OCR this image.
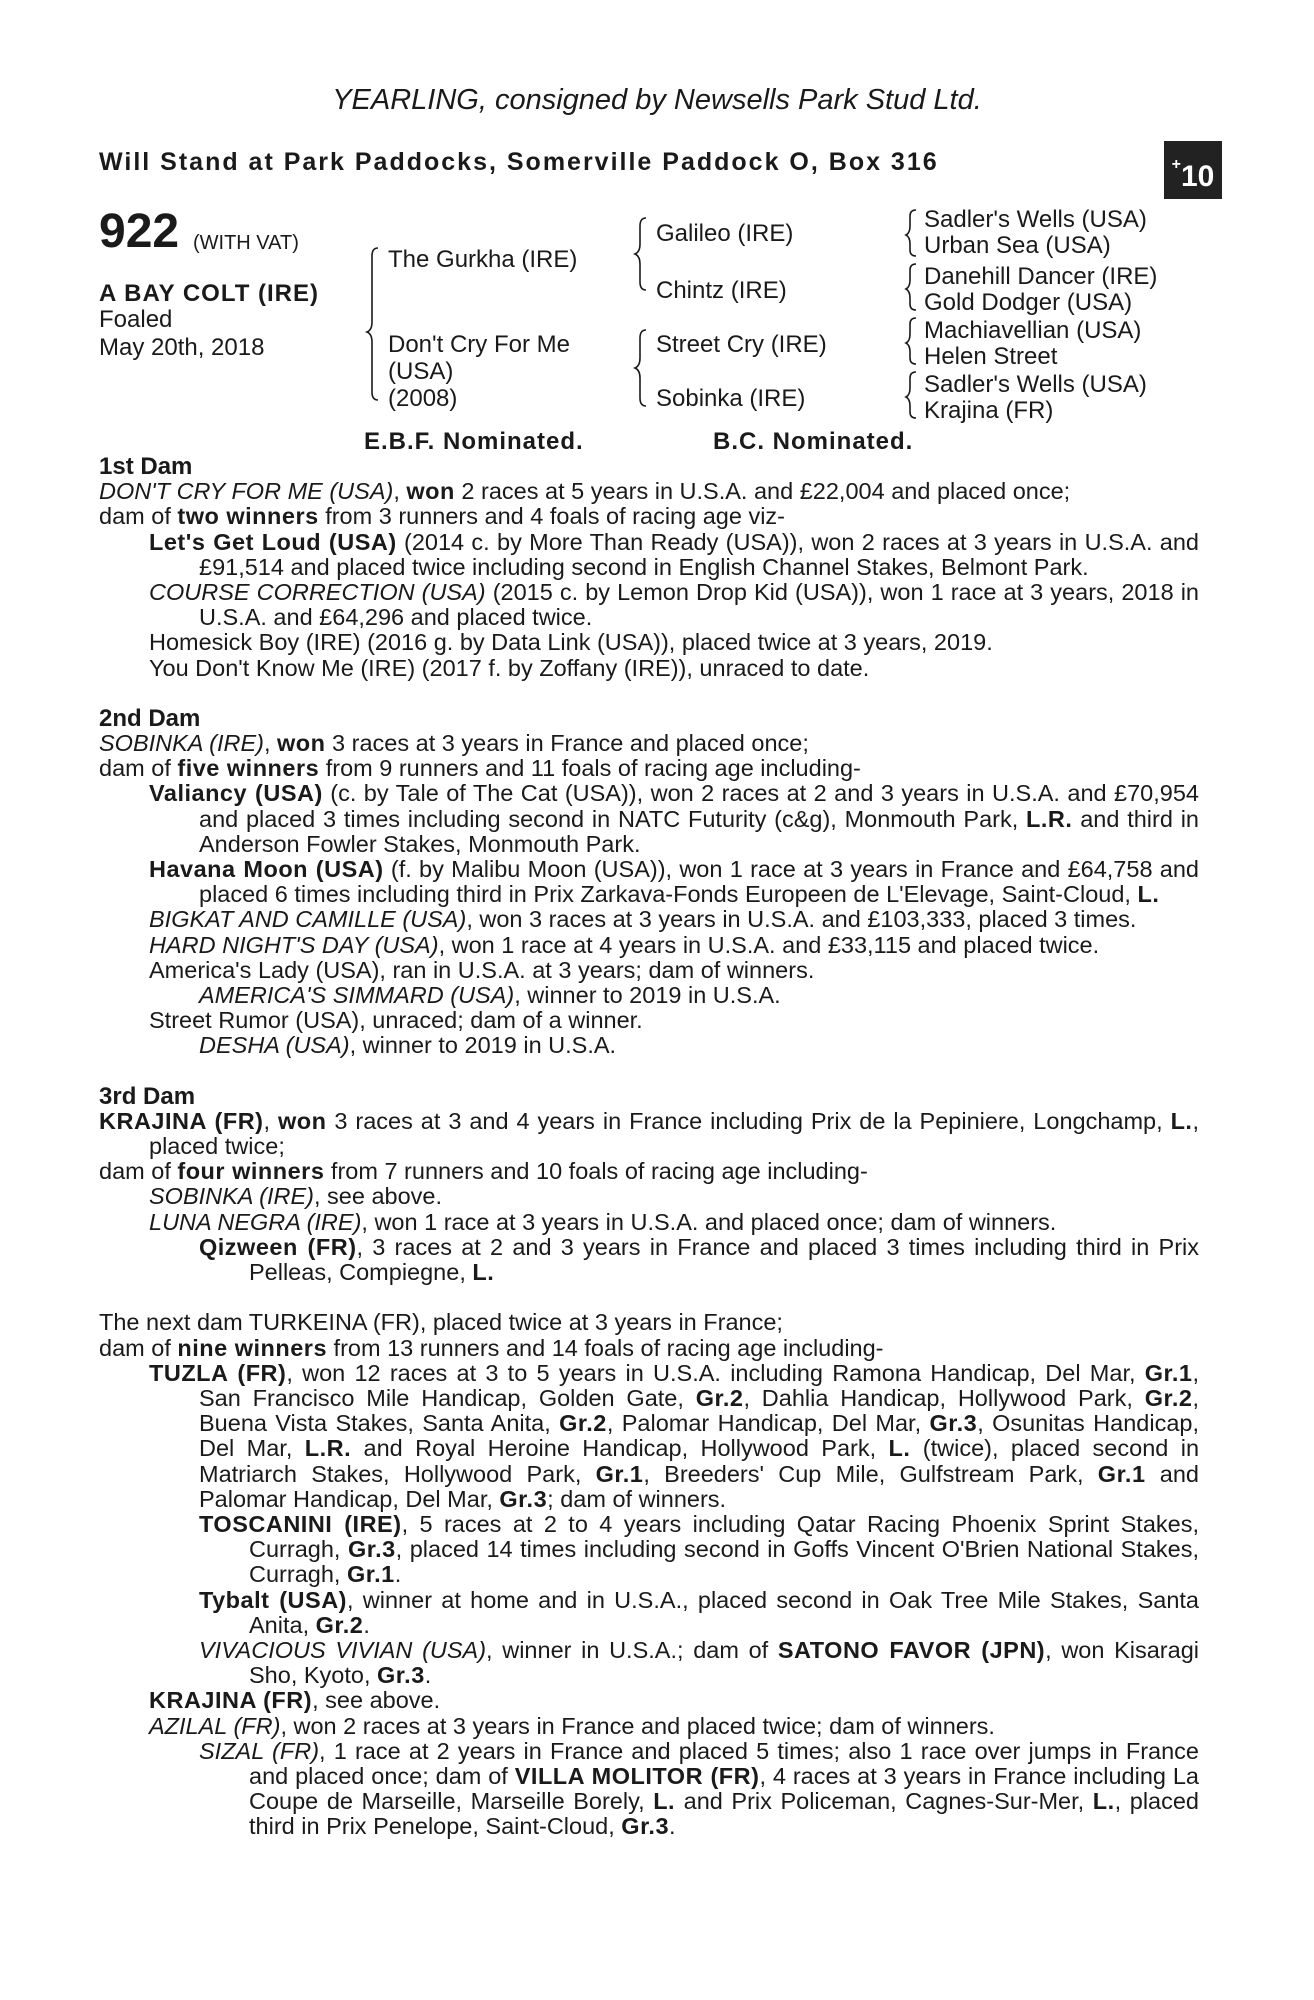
YEARLING, consigned by Newsells Park Stud Ltd.
Will Stand at Park Paddocks, Somerville Paddock O, Box 316	+10
922 (WITH VAT)
A BAY COLT (IRE)
Foaled
May 20th, 2018
The Gurkha (IRE)
Don't Cry For Me
(USA)
(2008)
Galileo (IRE)
Chintz (IRE)
Street Cry (IRE)
Sobinka (IRE)
Sadler's Wells (USA)
Urban Sea (USA)
Danehill Dancer (IRE)
Gold Dodger (USA)
Machiavellian (USA)
Helen Street
Sadler's Wells (USA)
Krajina (FR)
E.B.F. Nominated.	B.C. Nominated.
1st Dam
DON'T CRY FOR ME (USA), won 2 races at 5 years in U.S.A. and £22,004 and placed once;
dam of two winners from 3 runners and 4 foals of racing age viz-
Let's Get Loud (USA) (2014 c. by More Than Ready (USA)), won 2 races at 3 years in U.S.A. and £91,514 and placed twice including second in English Channel Stakes, Belmont Park.
COURSE CORRECTION (USA) (2015 c. by Lemon Drop Kid (USA)), won 1 race at 3 years, 2018 in U.S.A. and £64,296 and placed twice.
Homesick Boy (IRE) (2016 g. by Data Link (USA)), placed twice at 3 years, 2019.
You Don't Know Me (IRE) (2017 f. by Zoffany (IRE)), unraced to date.
2nd Dam
SOBINKA (IRE), won 3 races at 3 years in France and placed once;
dam of five winners from 9 runners and 11 foals of racing age including-
Valiancy (USA) (c. by Tale of The Cat (USA)), won 2 races at 2 and 3 years in U.S.A. and £70,954 and placed 3 times including second in NATC Futurity (c&g), Monmouth Park, L.R. and third in Anderson Fowler Stakes, Monmouth Park.
Havana Moon (USA) (f. by Malibu Moon (USA)), won 1 race at 3 years in France and £64,758 and placed 6 times including third in Prix Zarkava-Fonds Europeen de L'Elevage, Saint-Cloud, L.
BIGKAT AND CAMILLE (USA), won 3 races at 3 years in U.S.A. and £103,333, placed 3 times.
HARD NIGHT'S DAY (USA), won 1 race at 4 years in U.S.A. and £33,115 and placed twice.
America's Lady (USA), ran in U.S.A. at 3 years; dam of winners.
AMERICA'S SIMMARD (USA), winner to 2019 in U.S.A.
Street Rumor (USA), unraced; dam of a winner.
DESHA (USA), winner to 2019 in U.S.A.
3rd Dam
KRAJINA (FR), won 3 races at 3 and 4 years in France including Prix de la Pepiniere, Longchamp, L., placed twice;
dam of four winners from 7 runners and 10 foals of racing age including-
SOBINKA (IRE), see above.
LUNA NEGRA (IRE), won 1 race at 3 years in U.S.A. and placed once; dam of winners.
Qizween (FR), 3 races at 2 and 3 years in France and placed 3 times including third in Prix Pelleas, Compiegne, L.
The next dam TURKEINA (FR), placed twice at 3 years in France;
dam of nine winners from 13 runners and 14 foals of racing age including-
TUZLA (FR), won 12 races at 3 to 5 years in U.S.A. including Ramona Handicap, Del Mar, Gr.1, San Francisco Mile Handicap, Golden Gate, Gr.2, Dahlia Handicap, Hollywood Park, Gr.2, Buena Vista Stakes, Santa Anita, Gr.2, Palomar Handicap, Del Mar, Gr.3, Osunitas Handicap, Del Mar, L.R. and Royal Heroine Handicap, Hollywood Park, L. (twice), placed second in Matriarch Stakes, Hollywood Park, Gr.1, Breeders' Cup Mile, Gulfstream Park, Gr.1 and Palomar Handicap, Del Mar, Gr.3; dam of winners.
TOSCANINI (IRE), 5 races at 2 to 4 years including Qatar Racing Phoenix Sprint Stakes, Curragh, Gr.3, placed 14 times including second in Goffs Vincent O'Brien National Stakes, Curragh, Gr.1.
Tybalt (USA), winner at home and in U.S.A., placed second in Oak Tree Mile Stakes, Santa Anita, Gr.2.
VIVACIOUS VIVIAN (USA), winner in U.S.A.; dam of SATONO FAVOR (JPN), won Kisaragi Sho, Kyoto, Gr.3.
KRAJINA (FR), see above.
AZILAL (FR), won 2 races at 3 years in France and placed twice; dam of winners.
SIZAL (FR), 1 race at 2 years in France and placed 5 times; also 1 race over jumps in France and placed once; dam of VILLA MOLITOR (FR), 4 races at 3 years in France including La Coupe de Marseille, Marseille Borely, L. and Prix Policeman, Cagnes-Sur-Mer, L., placed third in Prix Penelope, Saint-Cloud, Gr.3.
